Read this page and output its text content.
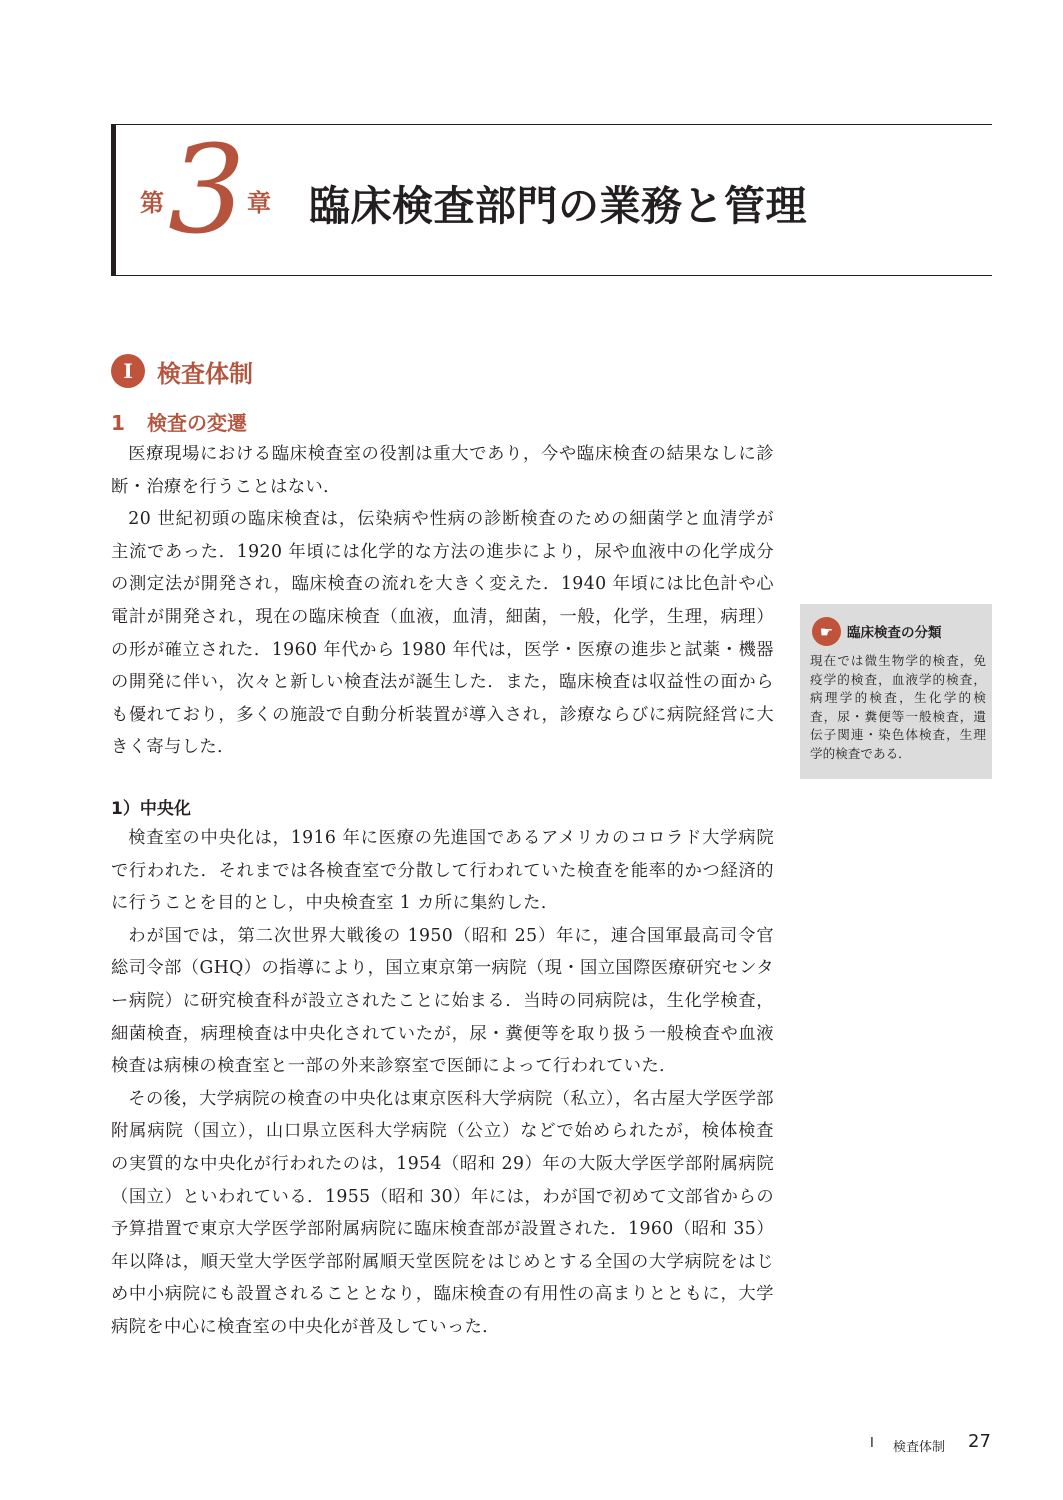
第 3 章 臨床検査部門の業務と管理
I	検査体制
1 検査の変遷

医療現場における臨床検査室の役割は重大であり，今や臨床検査の結果なしに診断・治療を行うことはない．

20 世紀初頭の臨床検査は，伝染病や性病の診断検査のための細菌学と血清学が主流であった．1920 年頃には化学的な方法の進歩により，尿や血液中の化学成分の測定法が開発され，臨床検査の流れを大きく変えた．1940 年頃には比色計や心電計が開発され，現在の臨床検査（血液，血清，細菌，一般，化学，生理，病理）の形が確立された．1960 年代から 1980 年代は，医学・医療の進歩と試薬・機器の開発に伴い，次々と新しい検査法が誕生した．また，臨床検査は収益性の面からも優れており，多くの施設で自動分析装置が導入され，診療ならびに病院経営に大きく寄与した．

1）中央化

検査室の中央化は，1916 年に医療の先進国であるアメリカのコロラド大学病院で行われた．それまでは各検査室で分散して行われていた検査を能率的かつ経済的に行うことを目的とし，中央検査室 1 カ所に集約した．

わが国では，第二次世界大戦後の 1950（昭和 25）年に，連合国軍最高司令官総司令部（GHQ）の指導により，国立東京第一病院（現・国立国際医療研究センター病院）に研究検査科が設立されたことに始まる．当時の同病院は，生化学検査，細菌検査，病理検査は中央化されていたが，尿・糞便等を取り扱う一般検査や血液検査は病棟の検査室と一部の外来診察室で医師によって行われていた．

その後，大学病院の検査の中央化は東京医科大学病院（私立），名古屋大学医学部附属病院（国立），山口県立医科大学病院（公立）などで始められたが，検体検査の実質的な中央化が行われたのは，1954（昭和 29）年の大阪大学医学部附属病院（国立）といわれている．1955（昭和 30）年には，わが国で初めて文部省からの予算措置で東京大学医学部附属病院に臨床検査部が設置された．1960（昭和 35）年以降は，順天堂大学医学部附属順天堂医院をはじめとする全国の大学病院をはじめ中小病院にも設置されることとなり，臨床検査の有用性の高まりとともに，大学病院を中心に検査室の中央化が普及していった．

☛	臨床検査の分類
現在では微生物学的検査，免疫学的検査，血液学的検査，病理学的検査，生化学的検査，尿・糞便等一般検査，遺伝子関連・染色体検査，生理学的検査である．
I 検査体制 27
